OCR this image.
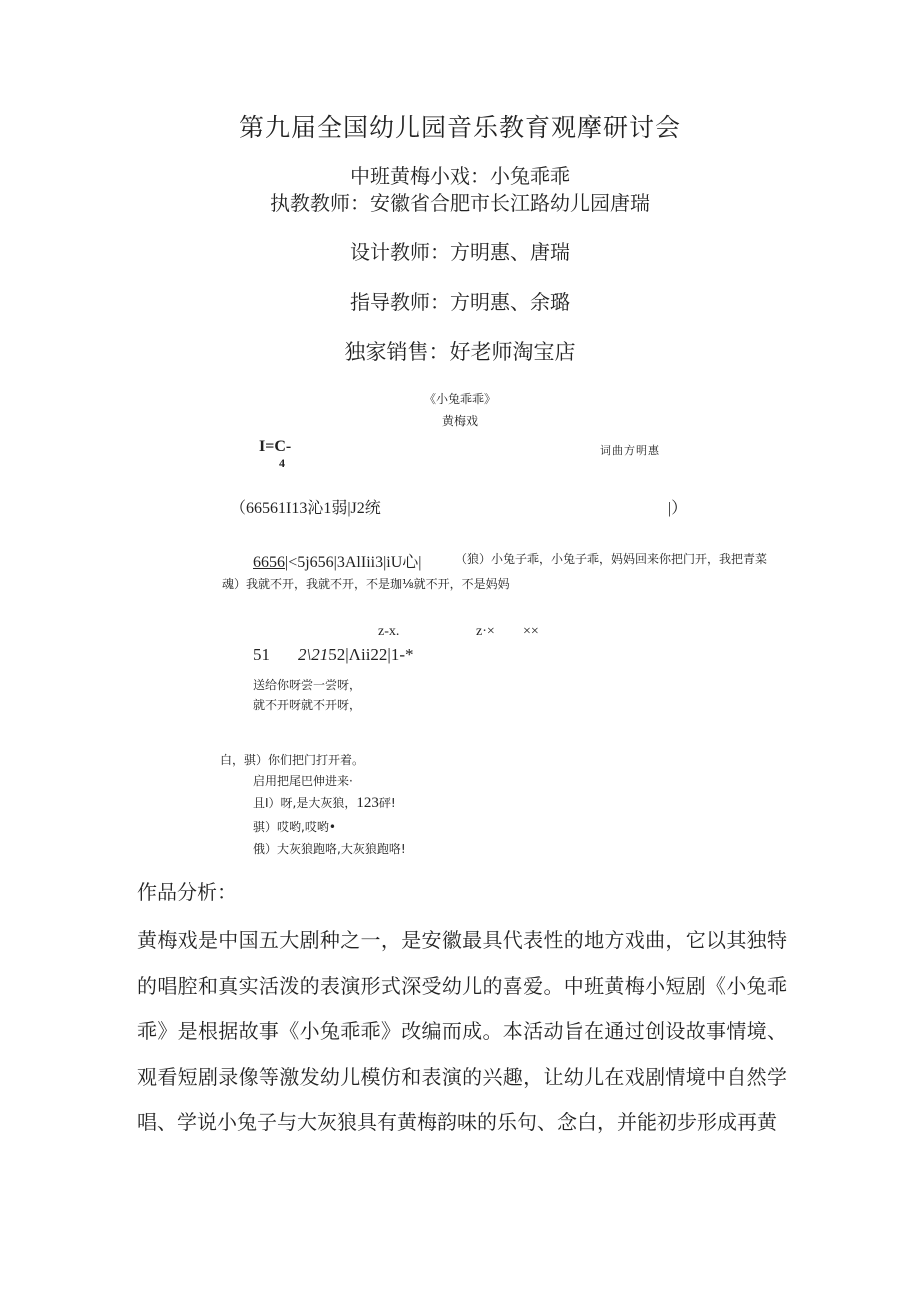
第九届全国幼儿园音乐教育观摩研讨会
中班黄梅小戏：小兔乖乖
执教教师：安徽省合肥市长江路幼儿园唐瑞
设计教师：方明惠、唐瑞
指导教师：方明惠、余璐
独家销售：好老师淘宝店
《小兔乖乖》
黄梅戏
I=C-
4
词曲方明惠
（66561I13沁1弱|J2统	|）
6656|<5j656|3AlIii3|iU心|	（狼）小兔子乖，小兔子乖，妈妈回来你把门开，我把青菜
魂）我就不开，我就不开，不是珈⅛就不开，不是妈妈
z-x.	z·× ××
51 2\2152|Λii22|1-*
送给你呀尝一尝呀，
就不开呀就不开呀，
白，骐）你们把门打开着。
启用把尾巴伸进来·
且I）呀,是大灰狼，123砰!
骐）哎哟,哎哟•
俄）大灰狼跑咯,大灰狼跑咯!
作品分析：
黄梅戏是中国五大剧种之一，是安徽最具代表性的地方戏曲，它以其独特的唱腔和真实活泼的表演形式深受幼儿的喜爱。中班黄梅小短剧《小兔乖乖》是根据故事《小兔乖乖》改编而成。本活动旨在通过创设故事情境、观看短剧录像等激发幼儿模仿和表演的兴趣，让幼儿在戏剧情境中自然学唱、学说小兔子与大灰狼具有黄梅韵味的乐句、念白，并能初步形成再黄
